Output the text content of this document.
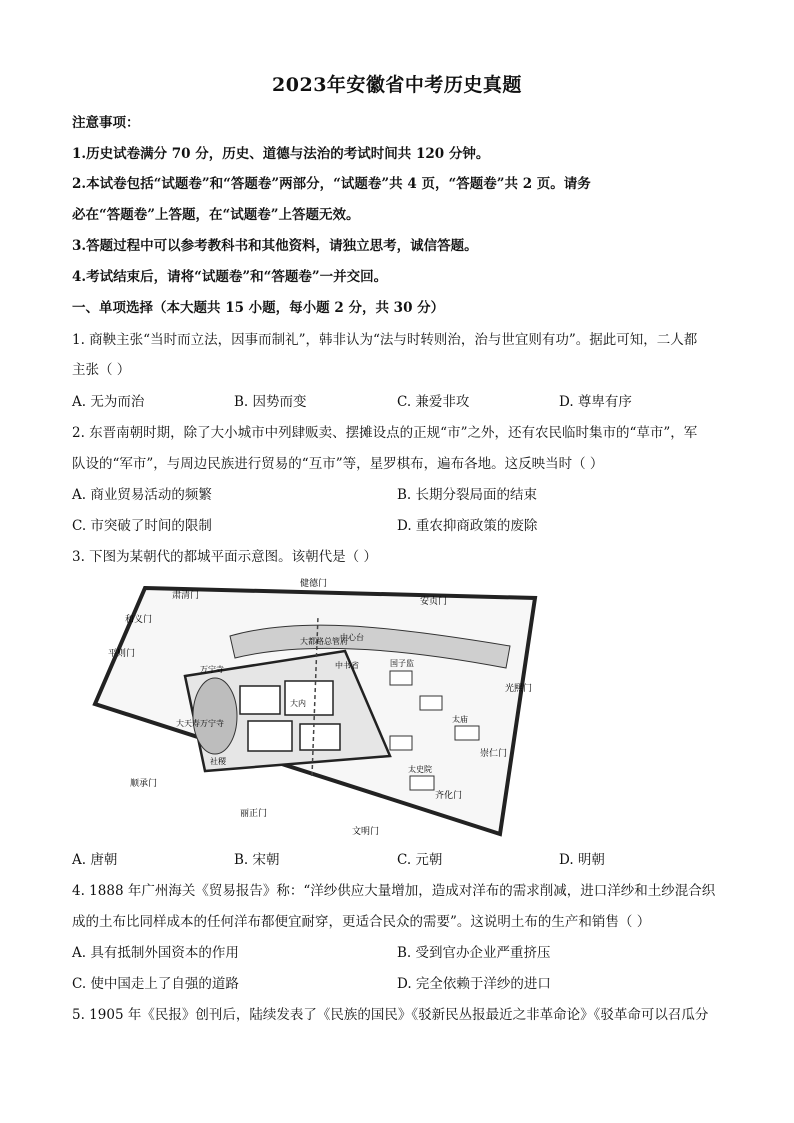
2023年安徽省中考历史真题
注意事项：
1.历史试卷满分 70 分，历史、道德与法治的考试时间共 120 分钟。
2.本试卷包括“试题卷”和“答题卷”两部分，“试题卷”共 4 页，“答题卷”共 2 页。请务
必在“答题卷”上答题，在“试题卷”上答题无效。
3.答题过程中可以参考教科书和其他资料，请独立思考，诚信答题。
4.考试结束后，请将“试题卷”和“答题卷”一并交回。
一、单项选择（本大题共 15 小题，每小题 2 分，共 30 分）
1. 商鞅主张“当时而立法，因事而制礼”，韩非认为“法与时转则治，治与世宜则有功”。据此可知，二人都
主张（ ）
A. 无为而治	B. 因势而变	C. 兼爱非攻	D. 尊卑有序
2. 东晋南朝时期，除了大小城市中列肆贩卖、摆摊设点的正规“市”之外，还有农民临时集市的“草市”，军
队设的“军市”，与周边民族进行贸易的“互市”等，星罗棋布，遍布各地。这反映当时（ ）
A. 商业贸易活动的频繁	B. 长期分裂局面的结束
C. 市突破了时间的限制	D. 重农抑商政策的废除
3. 下图为某朝代的都城平面示意图。该朝代是（ ）
肃清门
安贞门
健德门
光熙门
和义门
崇仁门
平则门
齐化门
丽正门
文明门
顺承门
大都路总管府
中书省	国子监
太庙
太史院
中心台
万宁寺
大天寿万宁寺
社稷
大内
A. 唐朝	B. 宋朝	C. 元朝	D. 明朝
4. 1888 年广州海关《贸易报告》称：“洋纱供应大量增加，造成对洋布的需求削减，进口洋纱和土纱混合织
成的土布比同样成本的任何洋布都便宜耐穿，更适合民众的需要”。这说明土布的生产和销售（ ）
A. 具有抵制外国资本的作用	B. 受到官办企业严重挤压
C. 使中国走上了自强的道路	D. 完全依赖于洋纱的进口
5. 1905 年《民报》创刊后，陆续发表了《民族的国民》《驳新民丛报最近之非革命论》《驳革命可以召瓜分
